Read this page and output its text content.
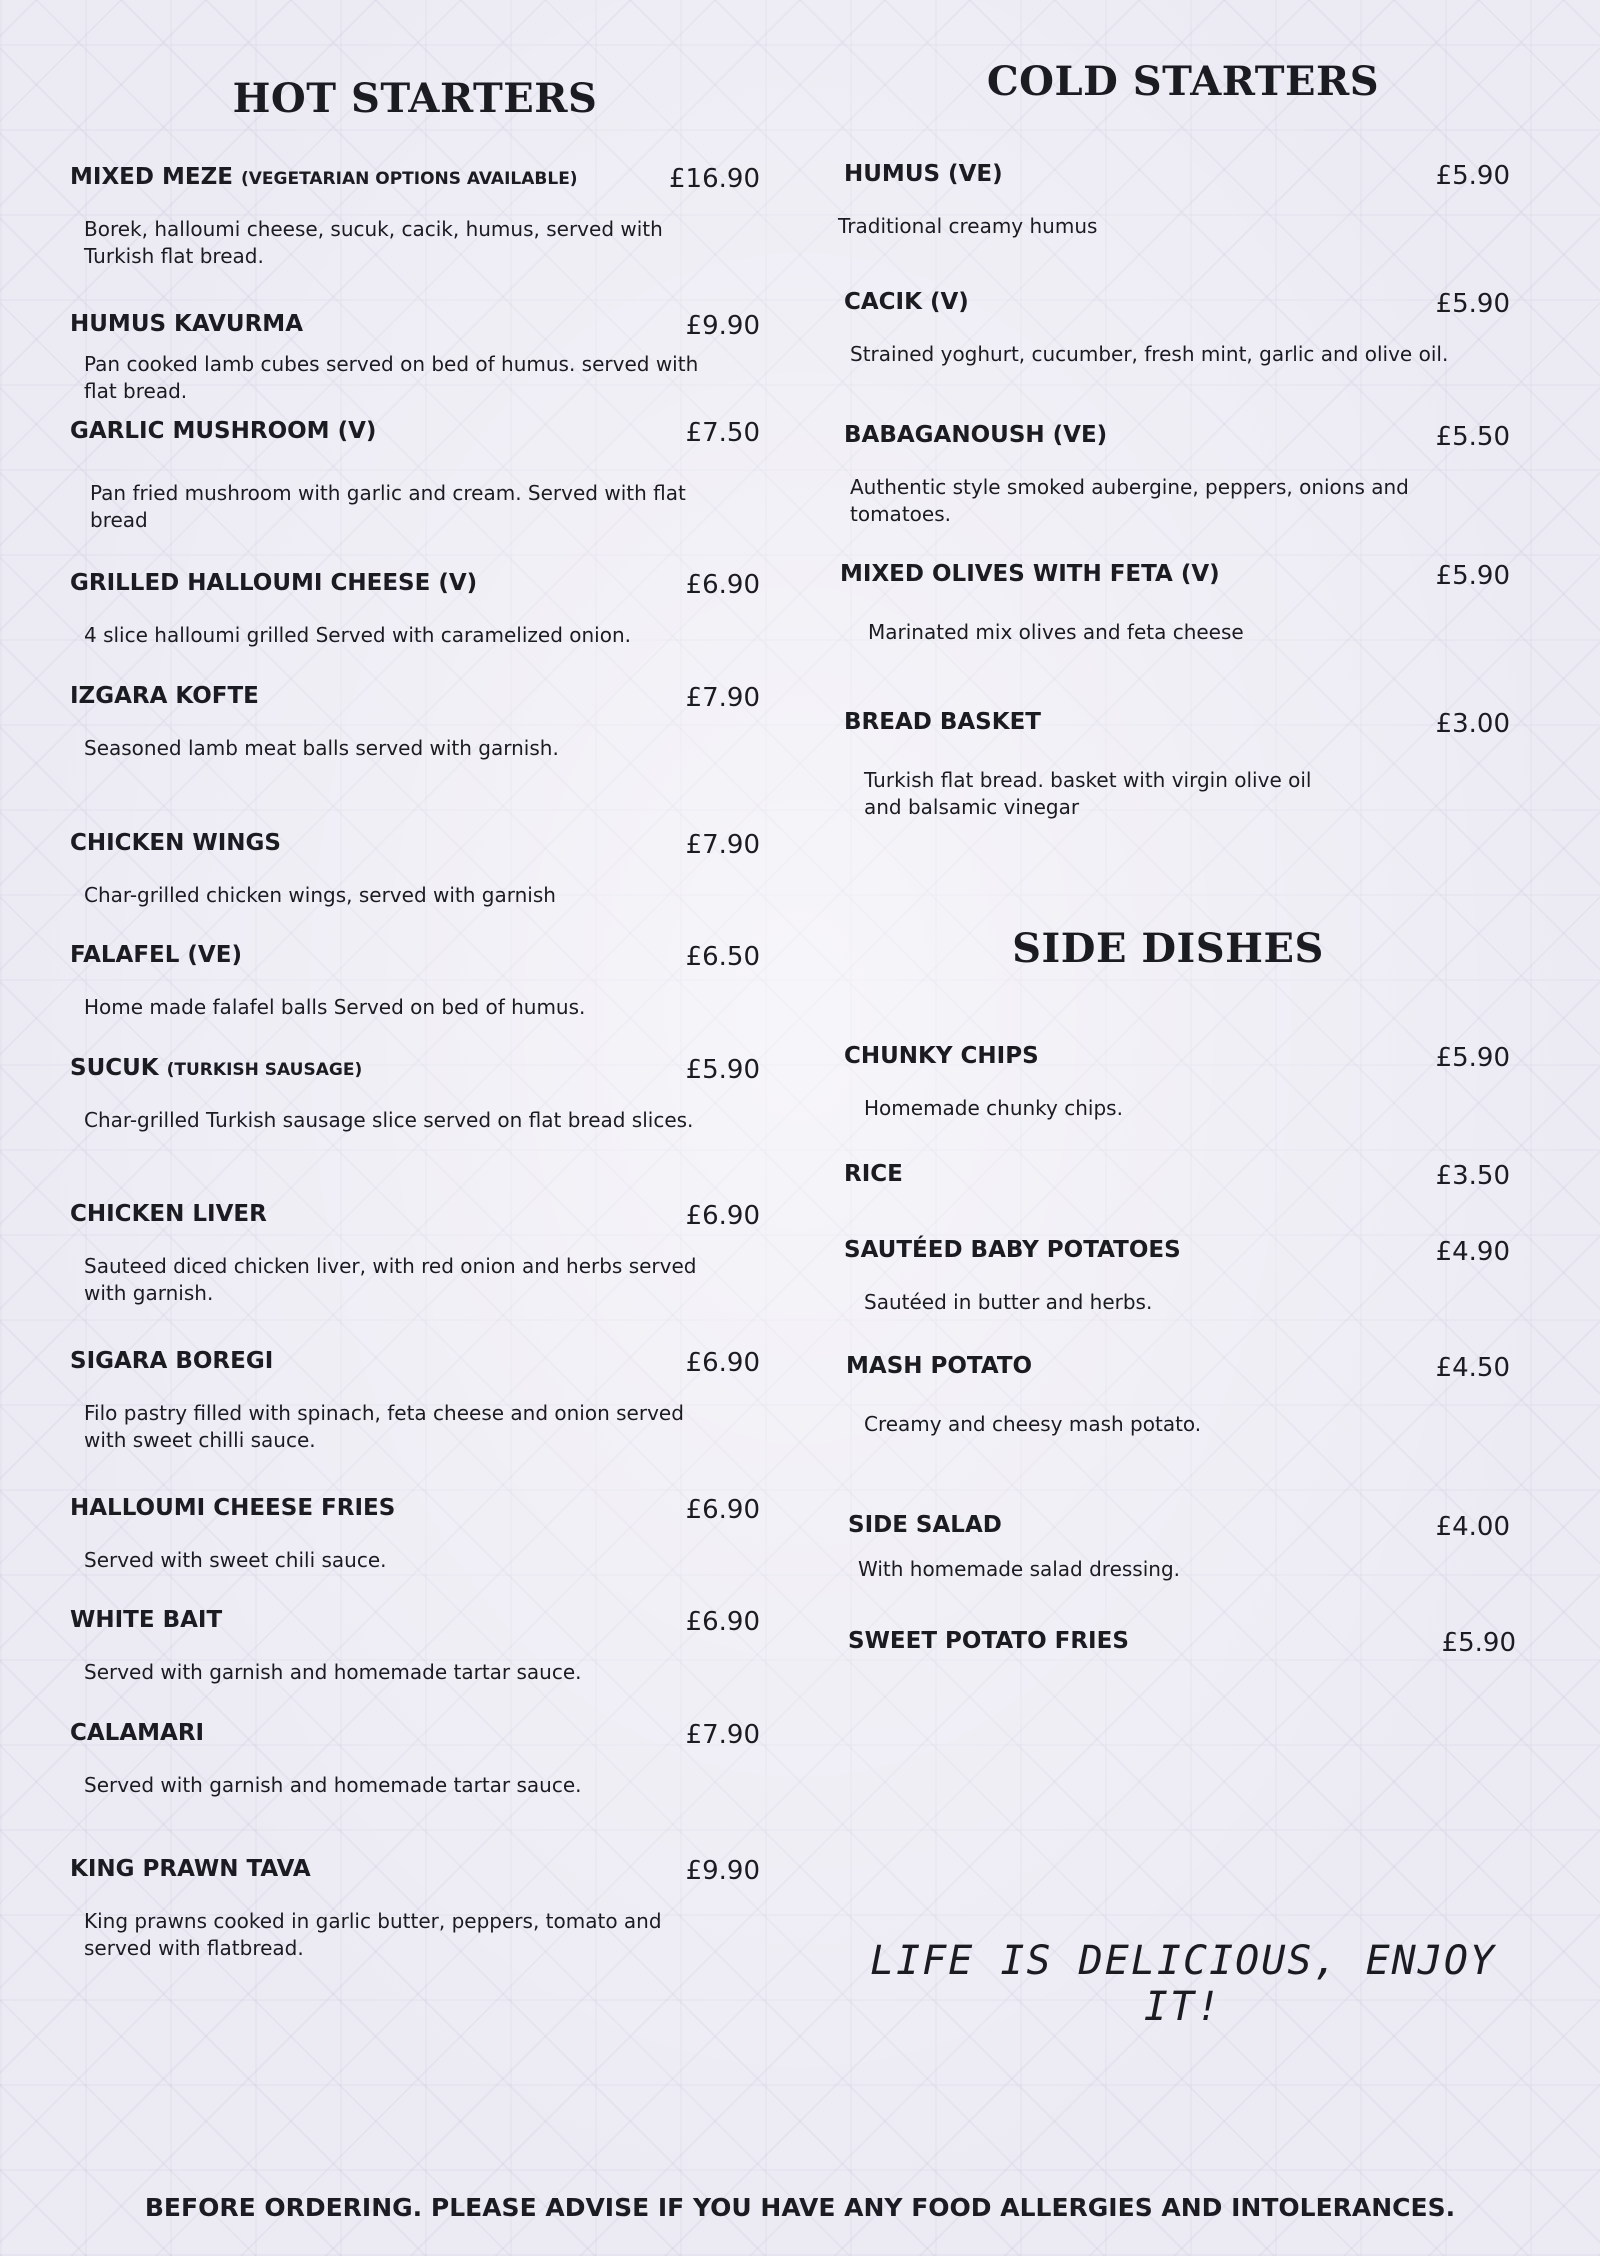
HOT STARTERS
MIXED MEZE (VEGETARIAN OPTIONS AVAILABLE)	£16.90
Borek, halloumi cheese, sucuk, cacik, humus, served with Turkish flat bread.
HUMUS KAVURMA	£9.90
Pan cooked lamb cubes served on bed of humus. served with flat bread.
GARLIC MUSHROOM (V)	£7.50
Pan fried mushroom with garlic and cream. Served with flat bread
GRILLED HALLOUMI CHEESE (V)	£6.90
4 slice halloumi grilled Served with caramelized onion.
IZGARA KOFTE	£7.90
Seasoned lamb meat balls served with garnish.
CHICKEN WINGS	£7.90
Char-grilled chicken wings, served with garnish
FALAFEL (VE)	£6.50
Home made falafel balls Served on bed of humus.
SUCUK (TURKISH SAUSAGE)	£5.90
Char-grilled Turkish sausage slice served on flat bread slices.
CHICKEN LIVER	£6.90
Sauteed diced chicken liver, with red onion and herbs served with garnish.
SIGARA BOREGI	£6.90
Filo pastry filled with spinach, feta cheese and onion served with sweet chilli sauce.
HALLOUMI CHEESE FRIES	£6.90
Served with sweet chili sauce.
WHITE BAIT	£6.90
Served with garnish and homemade tartar sauce.
CALAMARI	£7.90
Served with garnish and homemade tartar sauce.
KING PRAWN TAVA	£9.90
King prawns cooked in garlic butter, peppers, tomato and served with flatbread.
COLD STARTERS
HUMUS (VE)	£5.90
Traditional creamy humus
CACIK (V)	£5.90
Strained yoghurt, cucumber, fresh mint, garlic and olive oil.
BABAGANOUSH (VE)	£5.50
Authentic style smoked aubergine, peppers, onions and tomatoes.
MIXED OLIVES WITH FETA (V)	£5.90
Marinated mix olives and feta cheese
BREAD BASKET	£3.00
Turkish flat bread. basket with virgin olive oil and balsamic vinegar
SIDE DISHES
CHUNKY CHIPS	£5.90
Homemade chunky chips.
RICE	£3.50
SAUTÉED BABY POTATOES	£4.90
Sautéed in butter and herbs.
MASH POTATO	£4.50
Creamy and cheesy mash potato.
SIDE SALAD	£4.00
With homemade salad dressing.
SWEET POTATO FRIES	£5.90
LIFE IS DELICIOUS, ENJOY IT!
BEFORE ORDERING. PLEASE ADVISE IF YOU HAVE ANY FOOD ALLERGIES AND INTOLERANCES.
